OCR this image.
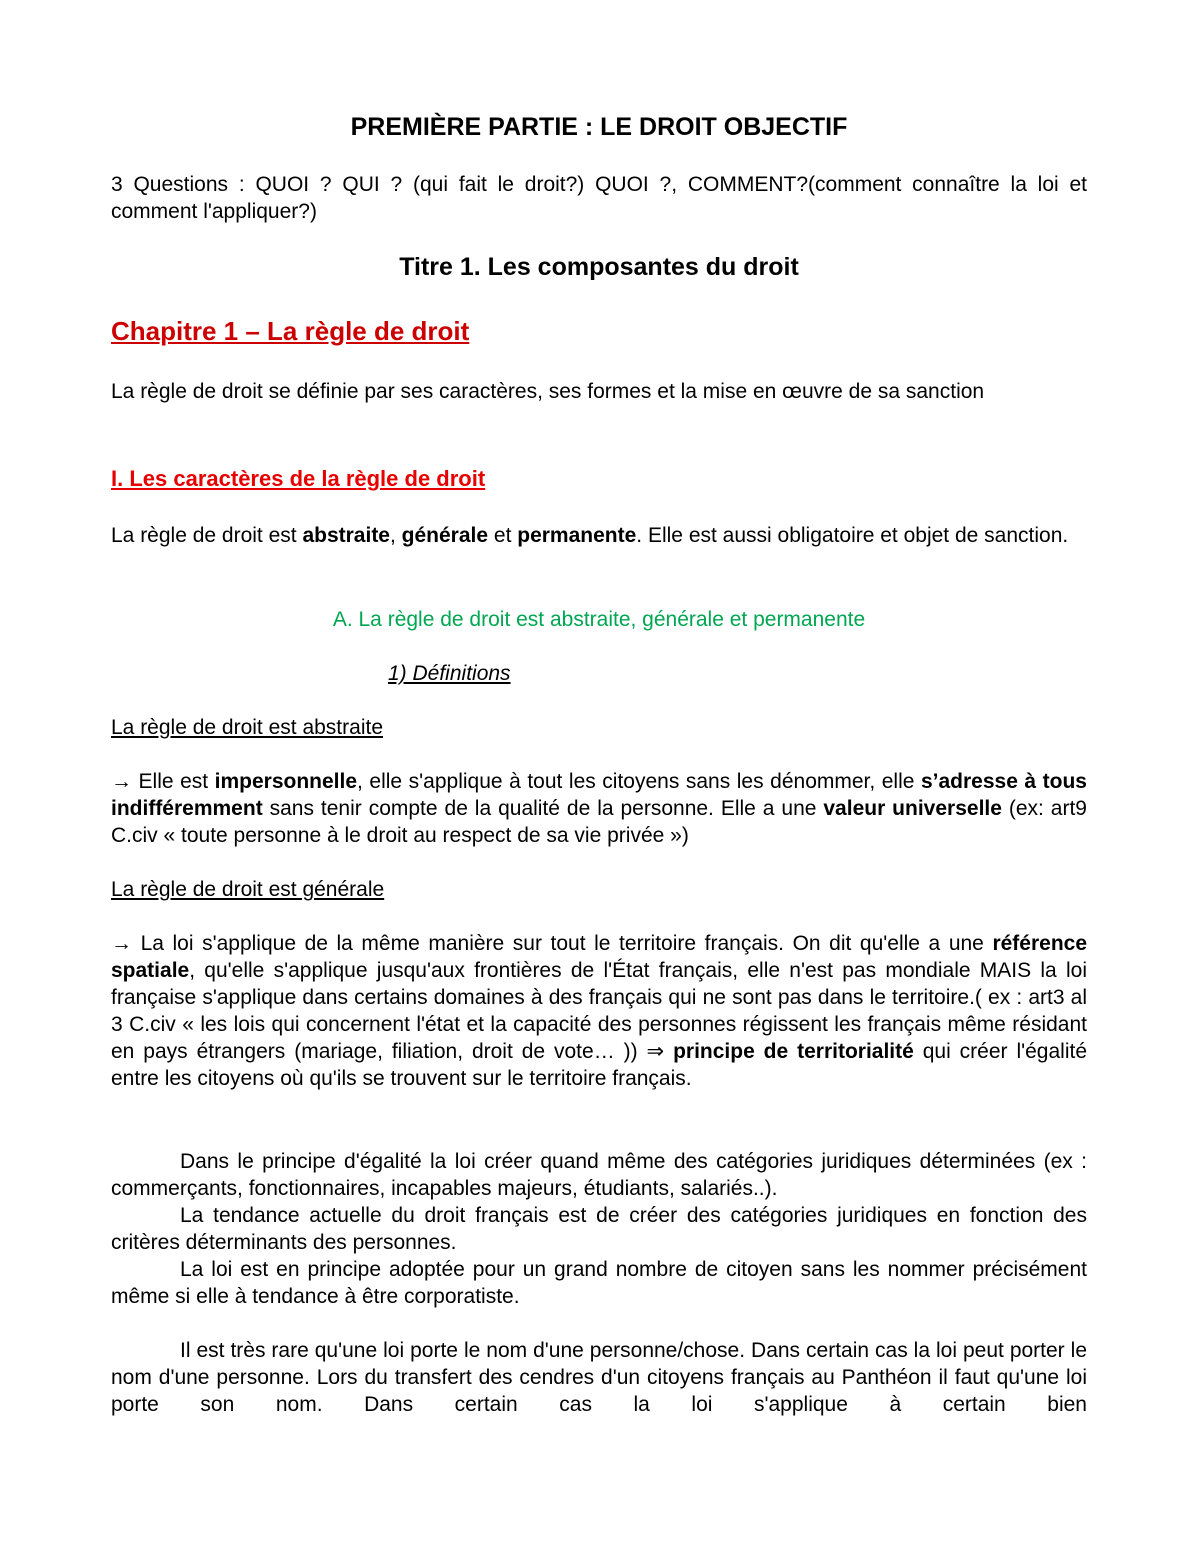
PREMIÈRE PARTIE : LE DROIT OBJECTIF

3 Questions : QUOI ? QUI ? (qui fait le droit?) QUOI ?, COMMENT?(comment connaître la loi et comment l'appliquer?)

Titre 1. Les composantes du droit
Chapitre 1 – La règle de droit

La règle de droit se définie par ses caractères, ses formes et la mise en œuvre de sa sanction

I. Les caractères de la règle de droit

La règle de droit est abstraite, générale et permanente. Elle est aussi obligatoire et objet de sanction.

A. La règle de droit est abstraite, générale et permanente
1) Définitions

La règle de droit est abstraite

→ Elle est impersonnelle, elle s'applique à tout les citoyens sans les dénommer, elle s’adresse à tous indifféremment sans tenir compte de la qualité de la personne. Elle a une valeur universelle (ex: art9 C.civ « toute personne à le droit au respect de sa vie privée »)

La règle de droit est générale

→ La loi s'applique de la même manière sur tout le territoire français. On dit qu'elle a une référence spatiale, qu'elle s'applique jusqu'aux frontières de l'État français, elle n'est pas mondiale MAIS la loi française s'applique dans certains domaines à des français qui ne sont pas dans le territoire.( ex : art3 al 3 C.civ « les lois qui concernent l'état et la capacité des personnes régissent les français même résidant en pays étrangers (mariage, filiation, droit de vote… )) ⇒ principe de territorialité qui créer l'égalité entre les citoyens où qu'ils se trouvent sur le territoire français.

Dans le principe d'égalité la loi créer quand même des catégories juridiques déterminées (ex : commerçants, fonctionnaires, incapables majeurs, étudiants, salariés..).

La tendance actuelle du droit français est de créer des catégories juridiques en fonction des critères déterminants des personnes.

La loi est en principe adoptée pour un grand nombre de citoyen sans les nommer précisément même si elle à tendance à être corporatiste.

Il est très rare qu'une loi porte le nom d'une personne/chose. Dans certain cas la loi peut porter le nom d'une personne. Lors du transfert des cendres d'un citoyens français au Panthéon il faut qu'une loi porte son nom. Dans certain cas la loi s'applique à certain bien
